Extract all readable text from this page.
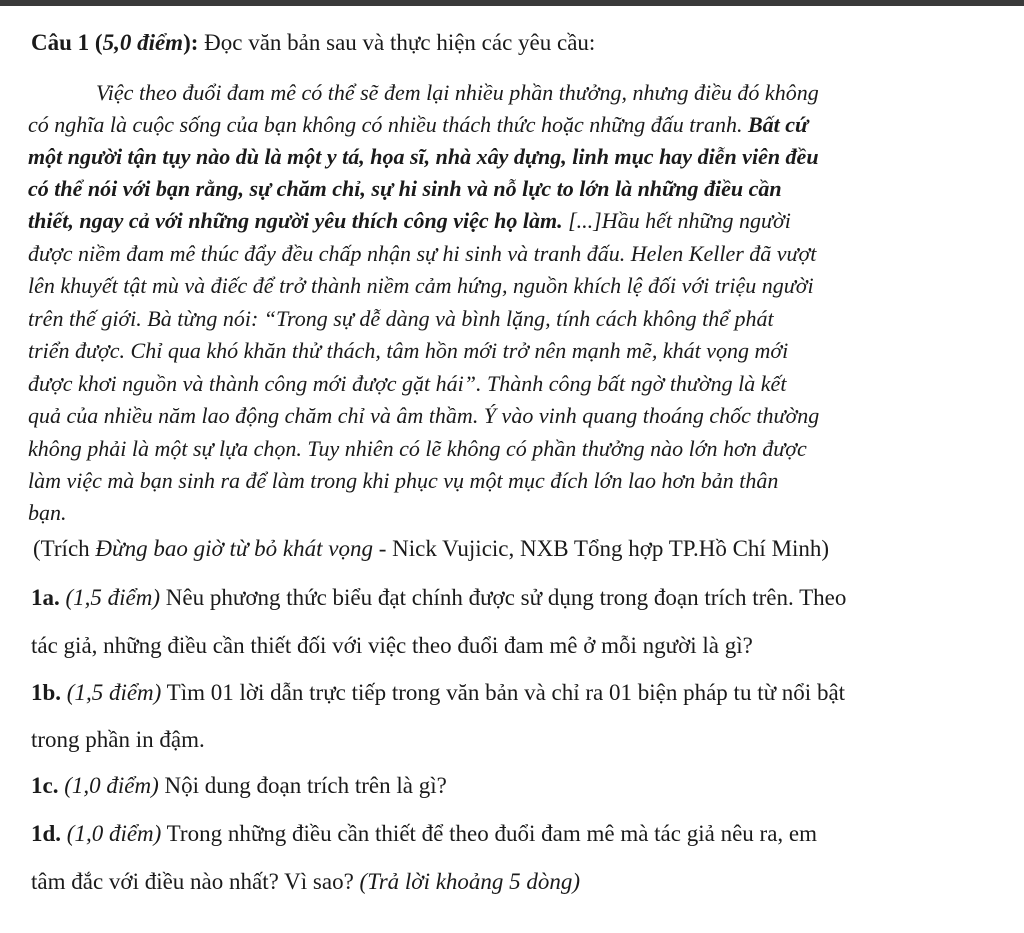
Câu 1 (5,0 điểm): Đọc văn bản sau và thực hiện các yêu cầu:
Việc theo đuổi đam mê có thể sẽ đem lại nhiều phần thưởng, nhưng điều đó không
có nghĩa là cuộc sống của bạn không có nhiều thách thức hoặc những đấu tranh. Bất cứ
một người tận tụy nào dù là một y tá, họa sĩ, nhà xây dựng, linh mục hay diễn viên đều
có thể nói với bạn rằng, sự chăm chỉ, sự hi sinh và nỗ lực to lớn là những điều cần
thiết, ngay cả với những người yêu thích công việc họ làm. [...]Hầu hết những người
được niềm đam mê thúc đẩy đều chấp nhận sự hi sinh và tranh đấu. Helen Keller đã vượt
lên khuyết tật mù và điếc để trở thành niềm cảm hứng, nguồn khích lệ đối với triệu người
trên thế giới. Bà từng nói: “Trong sự dễ dàng và bình lặng, tính cách không thể phát
triển được. Chỉ qua khó khăn thử thách, tâm hồn mới trở nên mạnh mẽ, khát vọng mới
được khơi nguồn và thành công mới được gặt hái”. Thành công bất ngờ thường là kết
quả của nhiều năm lao động chăm chỉ và âm thầm. Ý vào vinh quang thoáng chốc thường
không phải là một sự lựa chọn. Tuy nhiên có lẽ không có phần thưởng nào lớn hơn được
làm việc mà bạn sinh ra để làm trong khi phục vụ một mục đích lớn lao hơn bản thân
bạn.
(Trích Đừng bao giờ từ bỏ khát vọng - Nick Vujicic, NXB Tổng hợp TP.Hồ Chí Minh)
1a. (1,5 điểm) Nêu phương thức biểu đạt chính được sử dụng trong đoạn trích trên. Theo
tác giả, những điều cần thiết đối với việc theo đuổi đam mê ở mỗi người là gì?
1b. (1,5 điểm) Tìm 01 lời dẫn trực tiếp trong văn bản và chỉ ra 01 biện pháp tu từ nổi bật
trong phần in đậm.
1c. (1,0 điểm) Nội dung đoạn trích trên là gì?
1d. (1,0 điểm) Trong những điều cần thiết để theo đuổi đam mê mà tác giả nêu ra, em
tâm đắc với điều nào nhất? Vì sao? (Trả lời khoảng 5 dòng)
